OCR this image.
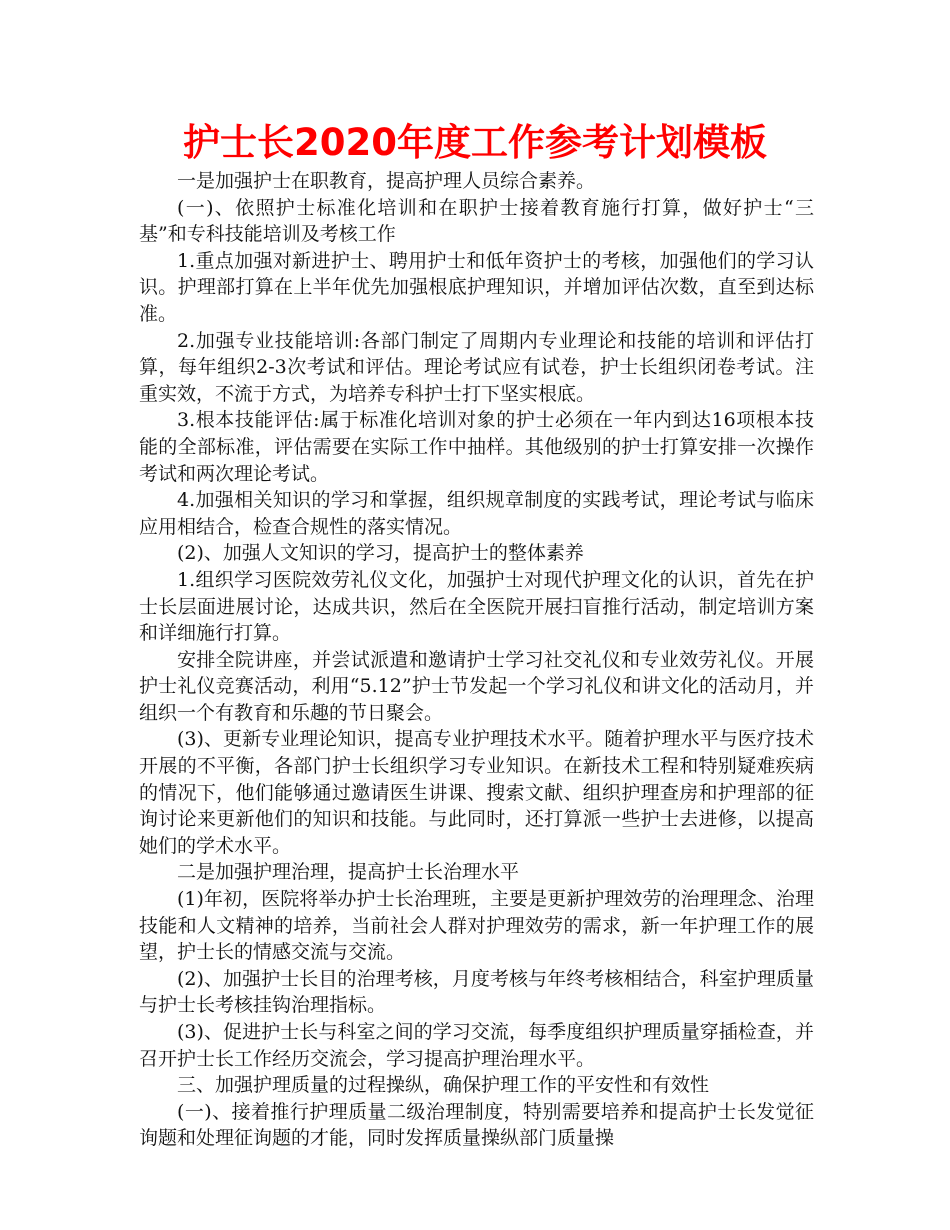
护士长2020年度工作参考计划模板

一是加强护士在职教育，提高护理人员综合素养。

(一)、依照护士标准化培训和在职护士接着教育施行打算，做好护士“三基”和专科技能培训及考核工作

1.重点加强对新进护士、聘用护士和低年资护士的考核，加强他们的学习认识。护理部打算在上半年优先加强根底护理知识，并增加评估次数，直至到达标准。

2.加强专业技能培训:各部门制定了周期内专业理论和技能的培训和评估打算，每年组织2-3次考试和评估。理论考试应有试卷，护士长组织闭卷考试。注重实效，不流于方式，为培养专科护士打下坚实根底。

3.根本技能评估:属于标准化培训对象的护士必须在一年内到达16项根本技能的全部标准，评估需要在实际工作中抽样。其他级别的护士打算安排一次操作考试和两次理论考试。

4.加强相关知识的学习和掌握，组织规章制度的实践考试，理论考试与临床应用相结合，检查合规性的落实情况。

(2)、加强人文知识的学习，提高护士的整体素养

1.组织学习医院效劳礼仪文化，加强护士对现代护理文化的认识，首先在护士长层面进展讨论，达成共识，然后在全医院开展扫盲推行活动，制定培训方案和详细施行打算。

安排全院讲座，并尝试派遣和邀请护士学习社交礼仪和专业效劳礼仪。开展护士礼仪竞赛活动，利用“5.12”护士节发起一个学习礼仪和讲文化的活动月，并组织一个有教育和乐趣的节日聚会。

(3)、更新专业理论知识，提高专业护理技术水平。随着护理水平与医疗技术开展的不平衡，各部门护士长组织学习专业知识。在新技术工程和特别疑难疾病的情况下，他们能够通过邀请医生讲课、搜索文献、组织护理查房和护理部的征询讨论来更新他们的知识和技能。与此同时，还打算派一些护士去进修，以提高她们的学术水平。

二是加强护理治理，提高护士长治理水平

(1)年初，医院将举办护士长治理班，主要是更新护理效劳的治理理念、治理技能和人文精神的培养，当前社会人群对护理效劳的需求，新一年护理工作的展望，护士长的情感交流与交流。

(2)、加强护士长目的治理考核，月度考核与年终考核相结合，科室护理质量与护士长考核挂钩治理指标。

(3)、促进护士长与科室之间的学习交流，每季度组织护理质量穿插检查，并召开护士长工作经历交流会，学习提高护理治理水平。

三、加强护理质量的过程操纵，确保护理工作的平安性和有效性

(一)、接着推行护理质量二级治理制度，特别需要培养和提高护士长发觉征询题和处理征询题的才能，同时发挥质量操纵部门质量操
